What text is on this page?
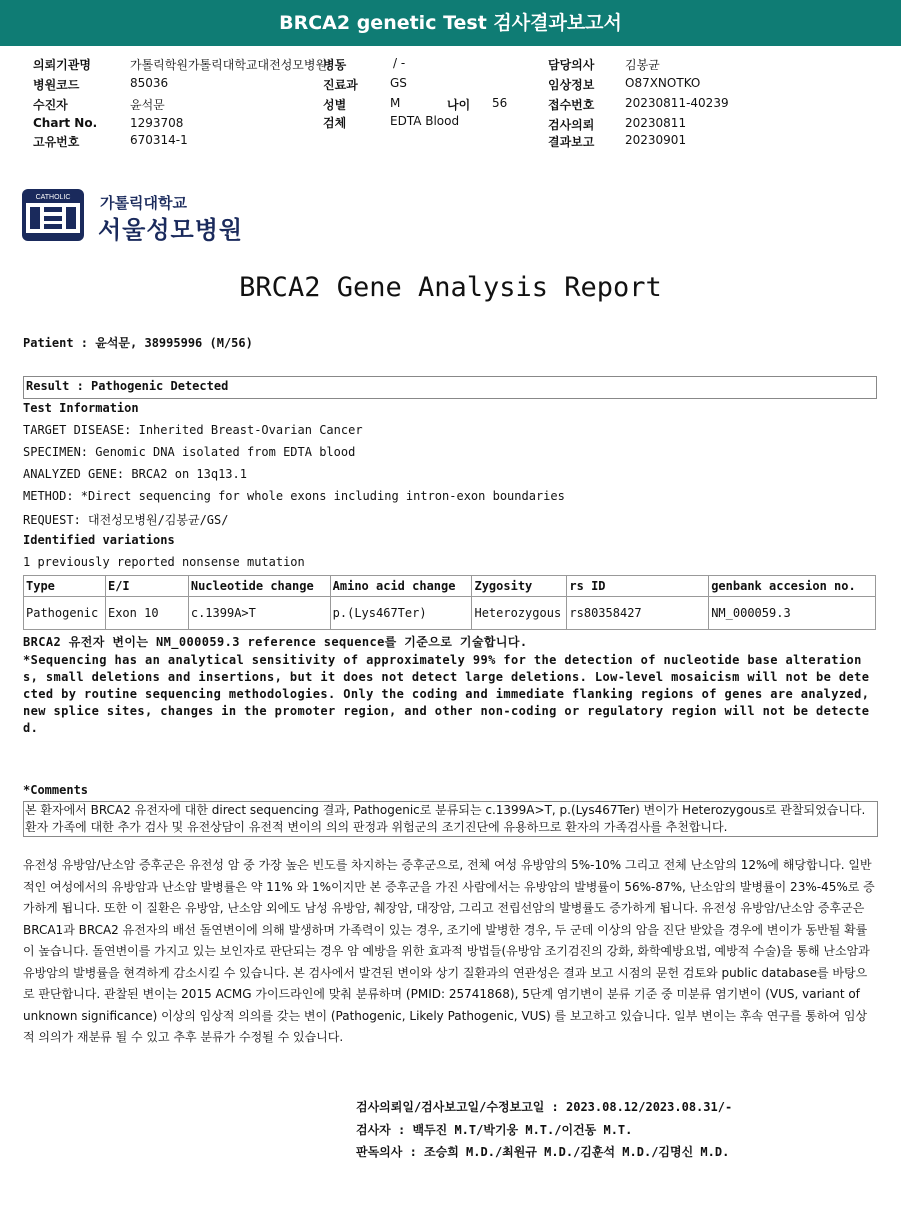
BRCA2 genetic Test 검사결과보고서
의뢰기관명	가톨릭학원가톨릭대학교대전성모병원
병원코드	85036
수진자	윤석문
Chart No.	1293708
고유번호	670314-1
병동	/ -
진료과	GS
성별	M	나이 56
검체	EDTA Blood
담당의사	김봉균
임상정보	O87XNOTKO
접수번호	20230811-40239
검사의뢰	20230811
결과보고	20230901
CATHOLIC 가톨릭대학교
서울성모병원
BRCA2 Gene Analysis Report
Patient : 윤석문, 38995996 (M/56)
Result : Pathogenic Detected
Test Information
TARGET DISEASE: Inherited Breast-Ovarian Cancer
SPECIMEN: Genomic DNA isolated from EDTA blood
ANALYZED GENE: BRCA2 on 13q13.1
METHOD: *Direct sequencing for whole exons including intron-exon boundaries
REQUEST: 대전성모병원/김봉균/GS/
Identified variations
1 previously reported nonsense mutation
Type	E/I	Nucleotide change	Amino acid change	Zygosity	rs ID	genbank accesion no.
Pathogenic	Exon 10	c.1399A>T	p.(Lys467Ter)	Heterozygous	rs80358427	NM_000059.3
BRCA2 유전자 변이는 NM_000059.3 reference sequence를 기준으로 기술합니다.
*Sequencing has an analytical sensitivity of approximately 99% for the detection of nucleotide base alterations, small deletions and insertions, but it does not detect large deletions. Low-level mosaicism will not be detected by routine sequencing methodologies. Only the coding and immediate flanking regions of genes are analyzed, new splice sites, changes in the promoter region, and other non-coding or regulatory region will not be detected.
*Comments
본 환자에서 BRCA2 유전자에 대한 direct sequencing 결과, Pathogenic로 분류되는 c.1399A>T, p.(Lys467Ter) 변이가 Heterozygous로 관찰되었습니다. 환자 가족에 대한 추가 검사 및 유전상담이 유전적 변이의 의의 판정과 위험군의 조기진단에 유용하므로 환자의 가족검사를 추천합니다.
유전성 유방암/난소암 증후군은 유전성 암 중 가장 높은 빈도를 차지하는 증후군으로, 전체 여성 유방암의 5%-10% 그리고 전체 난소암의 12%에 해당합니다. 일반적인 여성에서의 유방암과 난소암 발병률은 약 11% 와 1%이지만 본 증후군을 가진 사람에서는 유방암의 발병률이 56%-87%, 난소암의 발병률이 23%-45%로 증가하게 됩니다. 또한 이 질환은 유방암, 난소암 외에도 남성 유방암, 췌장암, 대장암, 그리고 전립선암의 발병률도 증가하게 됩니다. 유전성 유방암/난소암 증후군은 BRCA1과 BRCA2 유전자의 배선 돌연변이에 의해 발생하며 가족력이 있는 경우, 조기에 발병한 경우, 두 군데 이상의 암을 진단 받았을 경우에 변이가 동반될 확률이 높습니다. 돌연변이를 가지고 있는 보인자로 판단되는 경우 암 예방을 위한 효과적 방법들(유방암 조기검진의 강화, 화학예방요법, 예방적 수술)을 통해 난소암과 유방암의 발병률을 현격하게 감소시킬 수 있습니다. 본 검사에서 발견된 변이와 상기 질환과의 연관성은 결과 보고 시점의 문헌 검토와 public database를 바탕으로 판단합니다. 관찰된 변이는 2015 ACMG 가이드라인에 맞춰 분류하며 (PMID: 25741868), 5단계 염기변이 분류 기준 중 미분류 염기변이 (VUS, variant of unknown significance) 이상의 임상적 의의를 갖는 변이 (Pathogenic, Likely Pathogenic, VUS) 를 보고하고 있습니다. 일부 변이는 후속 연구를 통하여 임상적 의의가 재분류 될 수 있고 추후 분류가 수정될 수 있습니다.
검사의뢰일/검사보고일/수정보고일 : 2023.08.12/2023.08.31/-
검사자 : 백두진 M.T/박기웅 M.T./이건동 M.T.
판독의사 : 조승희 M.D./최원규 M.D./김훈석 M.D./김명신 M.D.
